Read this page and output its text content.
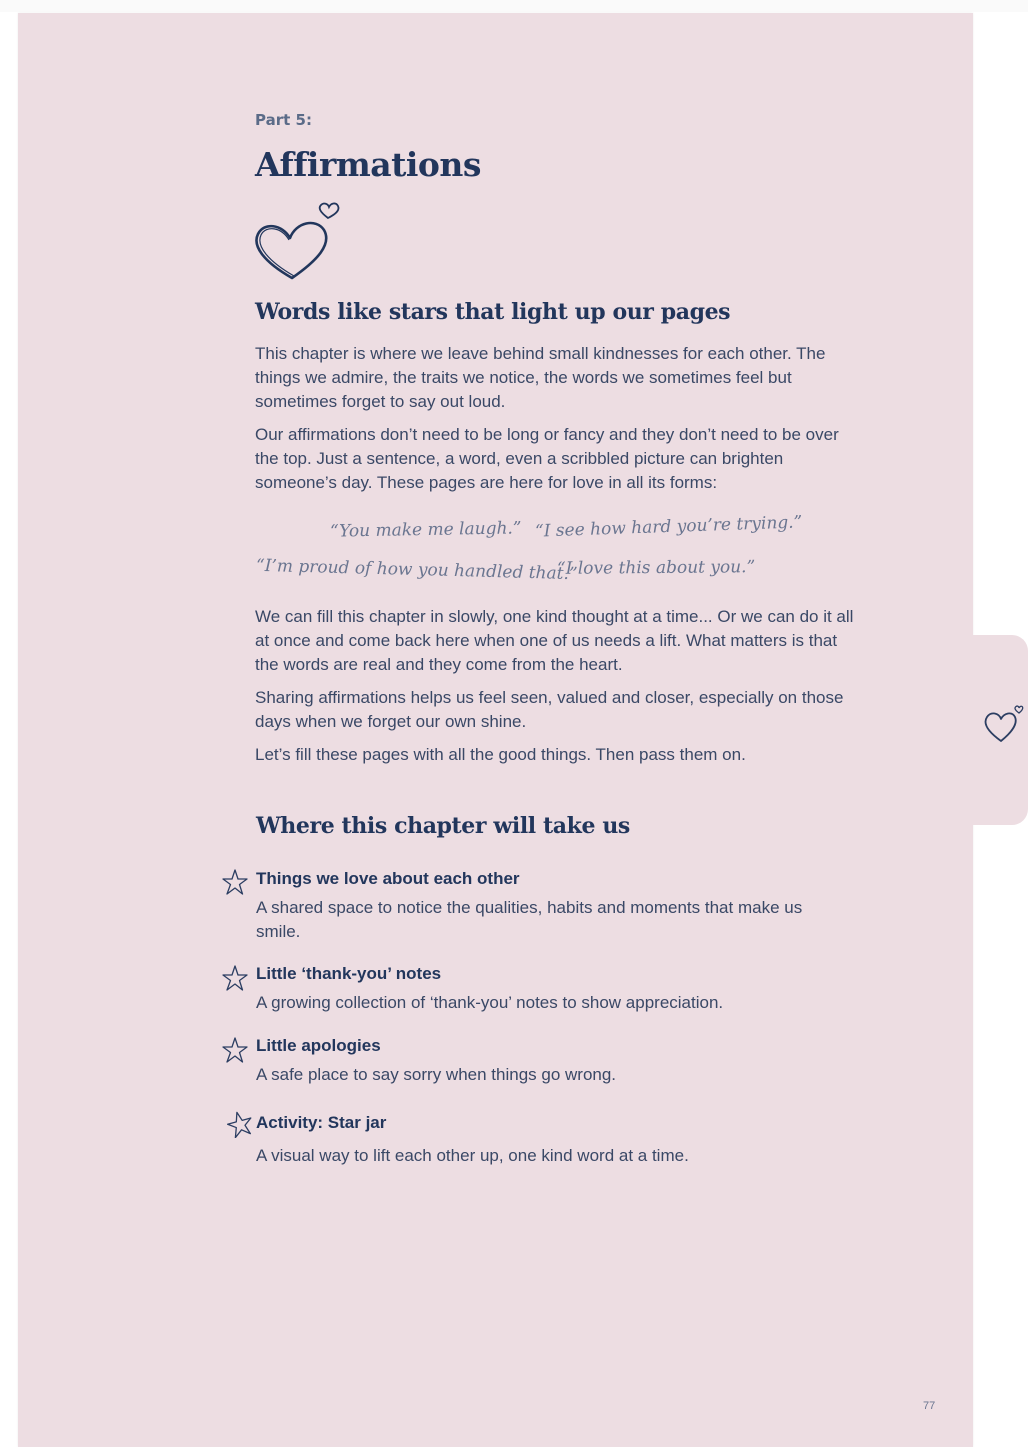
Part 5:
Affirmations
Words like stars that light up our pages
This chapter is where we leave behind small kindnesses for each other. The things we admire, the traits we notice, the words we sometimes feel but sometimes forget to say out loud.
Our affirmations don’t need to be long or fancy and they don’t need to be over the top. Just a sentence, a word, even a scribbled picture can brighten someone’s day. These pages are here for love in all its forms:
“You make me laugh.” “I see how hard you’re trying.”
“I’m proud of how you handled that.”
“I love this about you.”
We can fill this chapter in slowly, one kind thought at a time... Or we can do it all at once and come back here when one of us needs a lift. What matters is that the words are real and they come from the heart.
Sharing affirmations helps us feel seen, valued and closer, especially on those days when we forget our own shine.
Let’s fill these pages with all the good things. Then pass them on.
Where this chapter will take us
Things we love about each other
A shared space to notice the qualities, habits and moments that make us smile.
Little ‘thank-you’ notes
A growing collection of ‘thank-you’ notes to show appreciation.
Little apologies
A safe place to say sorry when things go wrong.
Activity: Star jar
A visual way to lift each other up, one kind word at a time.
77
